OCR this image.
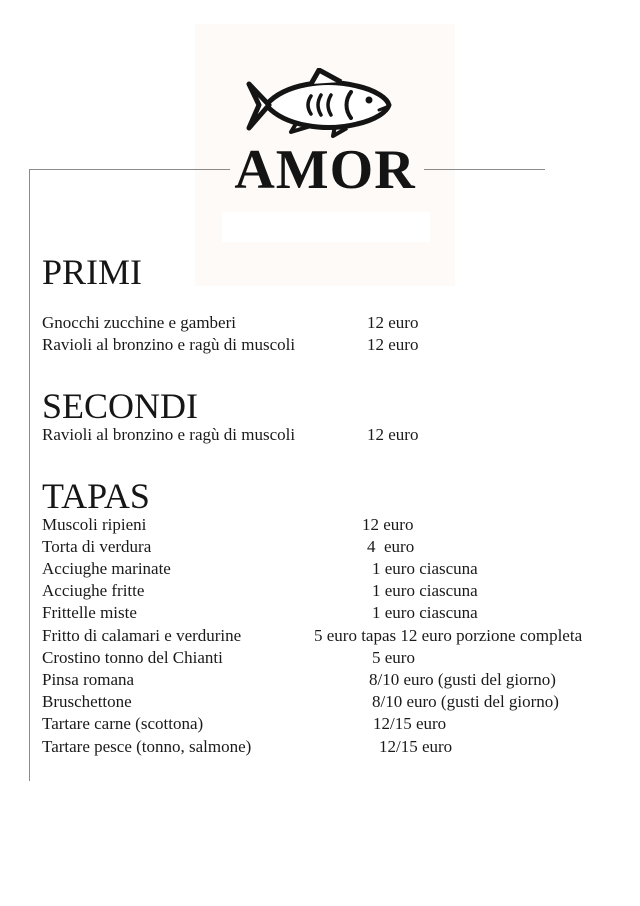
AMOR
PRIMI
Gnocchi zucchine e gamberi	12 euro
Ravioli al bronzino e ragù di muscoli	12 euro
SECONDI
Ravioli al bronzino e ragù di muscoli	12 euro
TAPAS
Muscoli ripieni	12 euro
Torta di verdura	4  euro
Acciughe marinate	1 euro ciascuna
Acciughe fritte	1 euro ciascuna
Frittelle miste	1 euro ciascuna
Fritto di calamari e verdurine	5 euro tapas 12 euro porzione completa
Crostino tonno del Chianti	5 euro
Pinsa romana	8/10 euro (gusti del giorno)
Bruschettone	8/10 euro (gusti del giorno)
Tartare carne (scottona)	12/15 euro
Tartare pesce (tonno, salmone)	12/15 euro
